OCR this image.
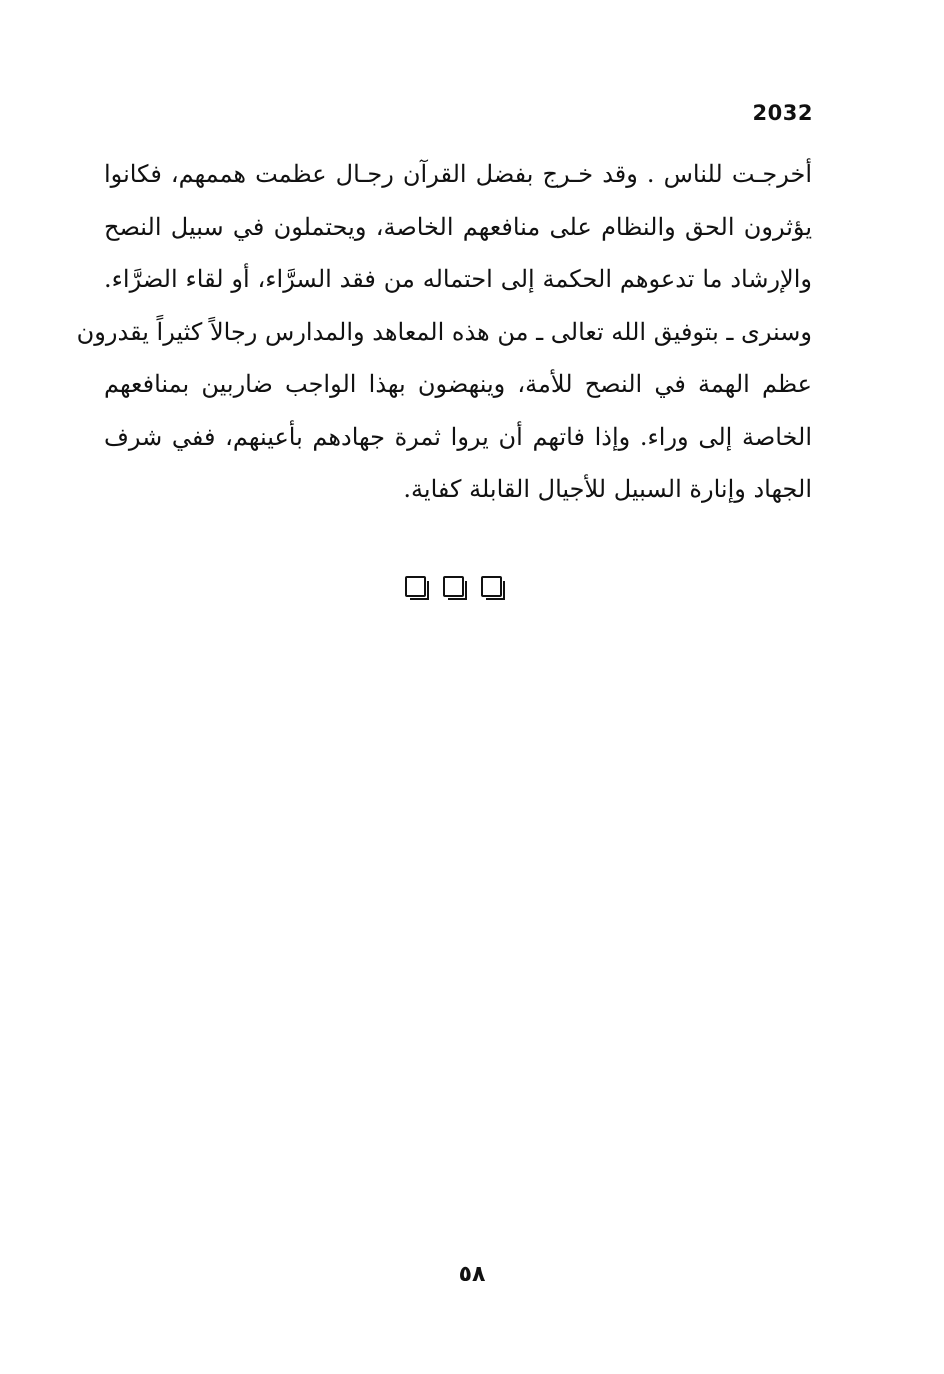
2032
أخرجـت للناس . وقد خـرج بفضل القرآن رجـال عظمت هممهم، فكانوا
يؤثرون الحق والنظام على منافعهم الخاصة، ويحتملون في سبيل النصح
والإرشاد ما تدعوهم الحكمة إلى احتماله من فقد السرَّاء، أو لقاء الضرَّاء.
وسنرى ـ بتوفيق الله تعالى ـ من هذه المعاهد والمدارس رجالاً كثيراً يقدرون
عظم الهمة في النصح للأمة، وينهضون بهذا الواجب ضاربين بمنافعهم
الخاصة إلى وراء. وإذا فاتهم أن يروا ثمرة جهادهم بأعينهم، ففي شرف
الجهاد وإنارة السبيل للأجيال القابلة كفاية.
٥٨
